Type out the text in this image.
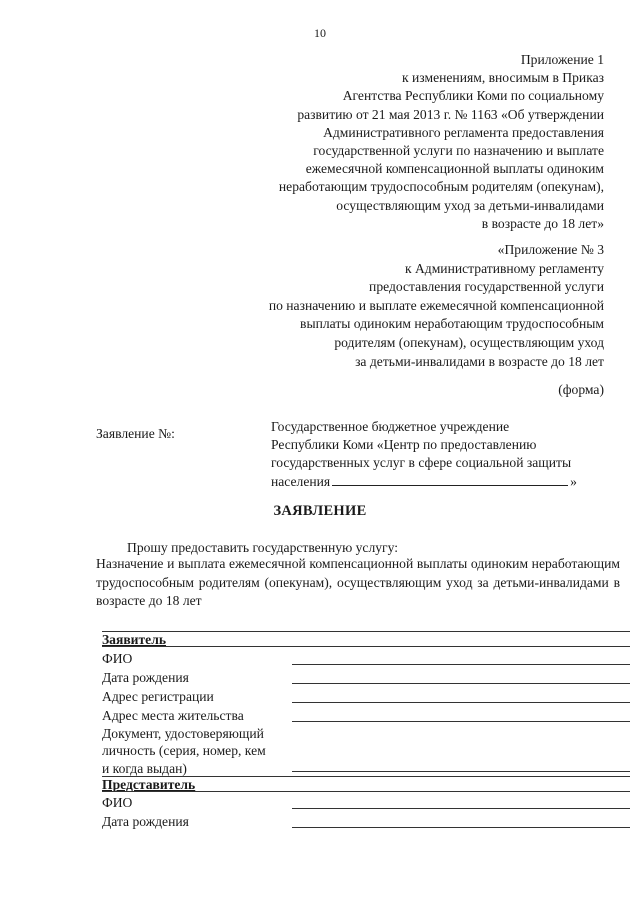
10
Приложение 1
к изменениям, вносимым в Приказ
Агентства Республики Коми по социальному
развитию от 21 мая 2013 г. № 1163 «Об утверждении
Административного регламента предоставления
государственной услуги по назначению и выплате
ежемесячной компенсационной выплаты одиноким
неработающим трудоспособным родителям (опекунам),
осуществляющим уход за детьми-инвалидами
в возрасте до 18 лет»
«Приложение № 3
к Административному регламенту
предоставления государственной услуги
по назначению и выплате ежемесячной компенсационной
выплаты одиноким неработающим трудоспособным
родителям (опекунам), осуществляющим уход
за детьми-инвалидами в возрасте до 18 лет
(форма)
Заявление №:	Государственное бюджетное учреждение
Республики Коми «Центр по предоставлению
государственных услуг в сфере социальной защиты
населения	»
ЗАЯВЛЕНИЕ
Прошу предоставить государственную услугу:
Назначение и выплата ежемесячной компенсационной выплаты одиноким неработающим трудоспособным родителям (опекунам), осуществляющим уход за детьми-инвалидами в возрасте до 18 лет
Заявитель
ФИО
Дата рождения
Адрес регистрации
Адрес места жительства
Документ, удостоверяющий
личность (серия, номер, кем
и когда выдан)
Представитель
ФИО
Дата рождения
